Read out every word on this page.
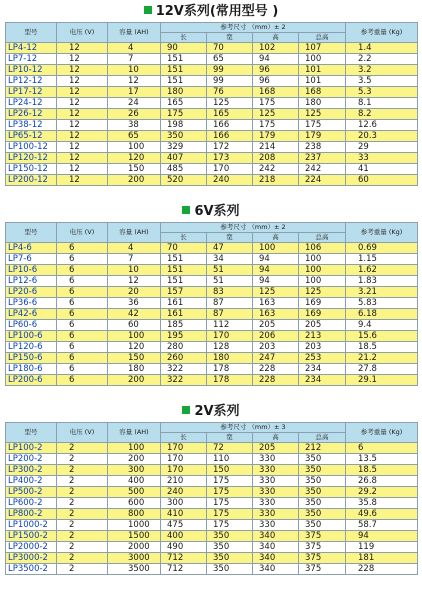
12V系列(常用型号 )
型号	电压 (V)	容量 (AH)	参考尺寸 （mm）± 2				参考重量 (Kg)
			长	宽	高	总高	
LP4-12	12	4	90	70	102	107	1.4
LP7-12	12	7	151	65	94	100	2.2
LP10-12	12	10	151	99	96	101	3.2
LP12-12	12	12	151	99	96	101	3.5
LP17-12	12	17	180	76	168	168	5.3
LP24-12	12	24	165	125	175	180	8.1
LP26-12	12	26	175	165	125	125	8.2
LP38-12	12	38	198	166	175	175	12.6
LP65-12	12	65	350	166	179	179	20.3
LP100-12	12	100	329	172	214	238	29
LP120-12	12	120	407	173	208	237	33
LP150-12	12	150	485	170	242	242	41
LP200-12	12	200	520	240	218	224	60
6V系列
型号	电压 (V)	容量 (AH)	参考尺寸 （mm）± 2				参考重量 (Kg)
			长	宽	高	总高	
LP4-6	6	4	70	47	100	106	0.69
LP7-6	6	7	151	34	94	100	1.15
LP10-6	6	10	151	51	94	100	1.62
LP12-6	6	12	151	51	94	100	1.83
LP20-6	6	20	157	83	125	125	3.21
LP36-6	6	36	161	87	163	169	5.83
LP42-6	6	42	161	87	163	169	6.18
LP60-6	6	60	185	112	205	205	9.4
LP100-6	6	100	195	170	206	213	15.6
LP120-6	6	120	280	128	203	203	18.5
LP150-6	6	150	260	180	247	253	21.2
LP180-6	6	180	322	178	228	234	27.8
LP200-6	6	200	322	178	228	234	29.1
2V系列
型号	电压 (V)	容量 (AH)	参考尺寸 （mm）± 3				参考重量 (Kg)
			长	宽	高	总高	
LP100-2	2	100	170	72	205	212	6
LP200-2	2	200	170	110	330	350	13.5
LP300-2	2	300	170	150	330	350	18.5
LP400-2	2	400	210	175	330	350	26.8
LP500-2	2	500	240	175	330	350	29.2
LP600-2	2	600	300	175	330	350	35.8
LP800-2	2	800	410	175	330	350	49.6
LP1000-2	2	1000	475	175	330	350	58.7
LP1500-2	2	1500	400	350	340	375	94
LP2000-2	2	2000	490	350	340	375	119
LP3000-2	2	3000	712	350	340	375	181
LP3500-2	2	3500	712	350	340	375	228
